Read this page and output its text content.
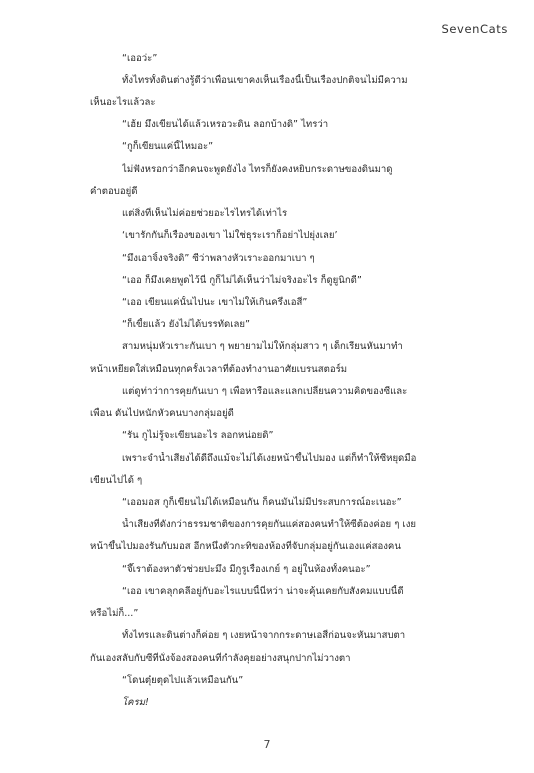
SevenCats
“เออว่ะ”
ทั้งไทรทั้งดินต่างรู้ดีว่าเพื่อนเขาคงเห็นเรื่องนี้เป็นเรื่องปกติจนไม่มีความ
เห็นอะไรแล้วละ
“เฮ้ย มึงเขียนได้แล้วเหรอวะดิน ลอกบ้างดิ” ไทรว่า
“กูก็เขียนแค่นี้ไหมอะ”
ไม่ฟังหรอกว่าอีกคนจะพูดยังไง ไทรก็ยังคงหยิบกระดาษของดินมาดู
คำตอบอยู่ดี
แต่สิ่งที่เห็นไม่ค่อยช่วยอะไรไทรได้เท่าไร
‘เขารักกันก็เรื่องของเขา ไม่ใช่ธุระเราก็อย่าไปยุ่งเลย’
“มึงเอาจิ้งจริงดิ” ซีว่าพลางหัวเราะออกมาเบา ๆ
“เออ ก็มึงเคยพูดไว้นี่ กูก็ไม่ได้เห็นว่าไม่จริงอะไร ก็ดูยูนิกดี”
“เออ เขียนแค่นั้นไปนะ เขาไม่ให้เกินครึ่งเอสี่”
“ก็เขี้ยแล้ว ยังไม่ได้บรรทัดเลย”
สามหนุ่มหัวเราะกันเบา ๆ พยายามไม่ให้กลุ่มสาว ๆ เด็กเรียนหันมาทำ
หน้าเหยียดใส่เหมือนทุกครั้งเวลาที่ต้องทำงานอาศัยเบรนสตอร์ม
แต่ดูท่าว่าการคุยกันเบา ๆ เพื่อหารือและแลกเปลี่ยนความคิดของซีและ
เพื่อน ดันไปหนักหัวคนบางกลุ่มอยู่ดี
“รัน กูไม่รู้จะเขียนอะไร ลอกหน่อยดิ”
เพราะจำน้ำเสียงได้ดีถึงแม้จะไม่ได้เงยหน้าขึ้นไปมอง แต่ก็ทำให้ซีหยุดมือ
เขียนไปได้ ๆ
“เออมอส กูก็เขียนไม่ได้เหมือนกัน ก็คนมันไม่มีประสบการณ์อะเนอะ”
น้ำเสียงที่ดังกว่าธรรมชาติของการคุยกันแค่สองคนทำให้ซีต้องค่อย ๆ เงย
หน้าขึ้นไปมองรันกับมอส อีกหนึ่งตัวกะทิของห้องที่จับกลุ่มอยู่กันเองแค่สองคน
“จึ๊เราต้องหาตัวช่วยปะมึง มีกูรูเรื่องเกย์ ๆ อยู่ในห้องทั้งคนอะ”
“เออ เขาคลุกคลีอยู่กับอะไรแบบนี้นี่หว่า น่าจะคุ้นเคยกับสังคมแบบนี้ดี
หรือไม่ก็...”
ทั้งไทรและดินต่างก็ค่อย ๆ เงยหน้าจากกระดาษเอสี่ก่อนจะหันมาสบตา
กันเองสลับกับซีที่นั่งจ้องสองคนที่กำลังคุยอย่างสนุกปากไม่วางตา
“โดนตุ๋ยตุดไปแล้วเหมือนกัน”
โครม!
7
